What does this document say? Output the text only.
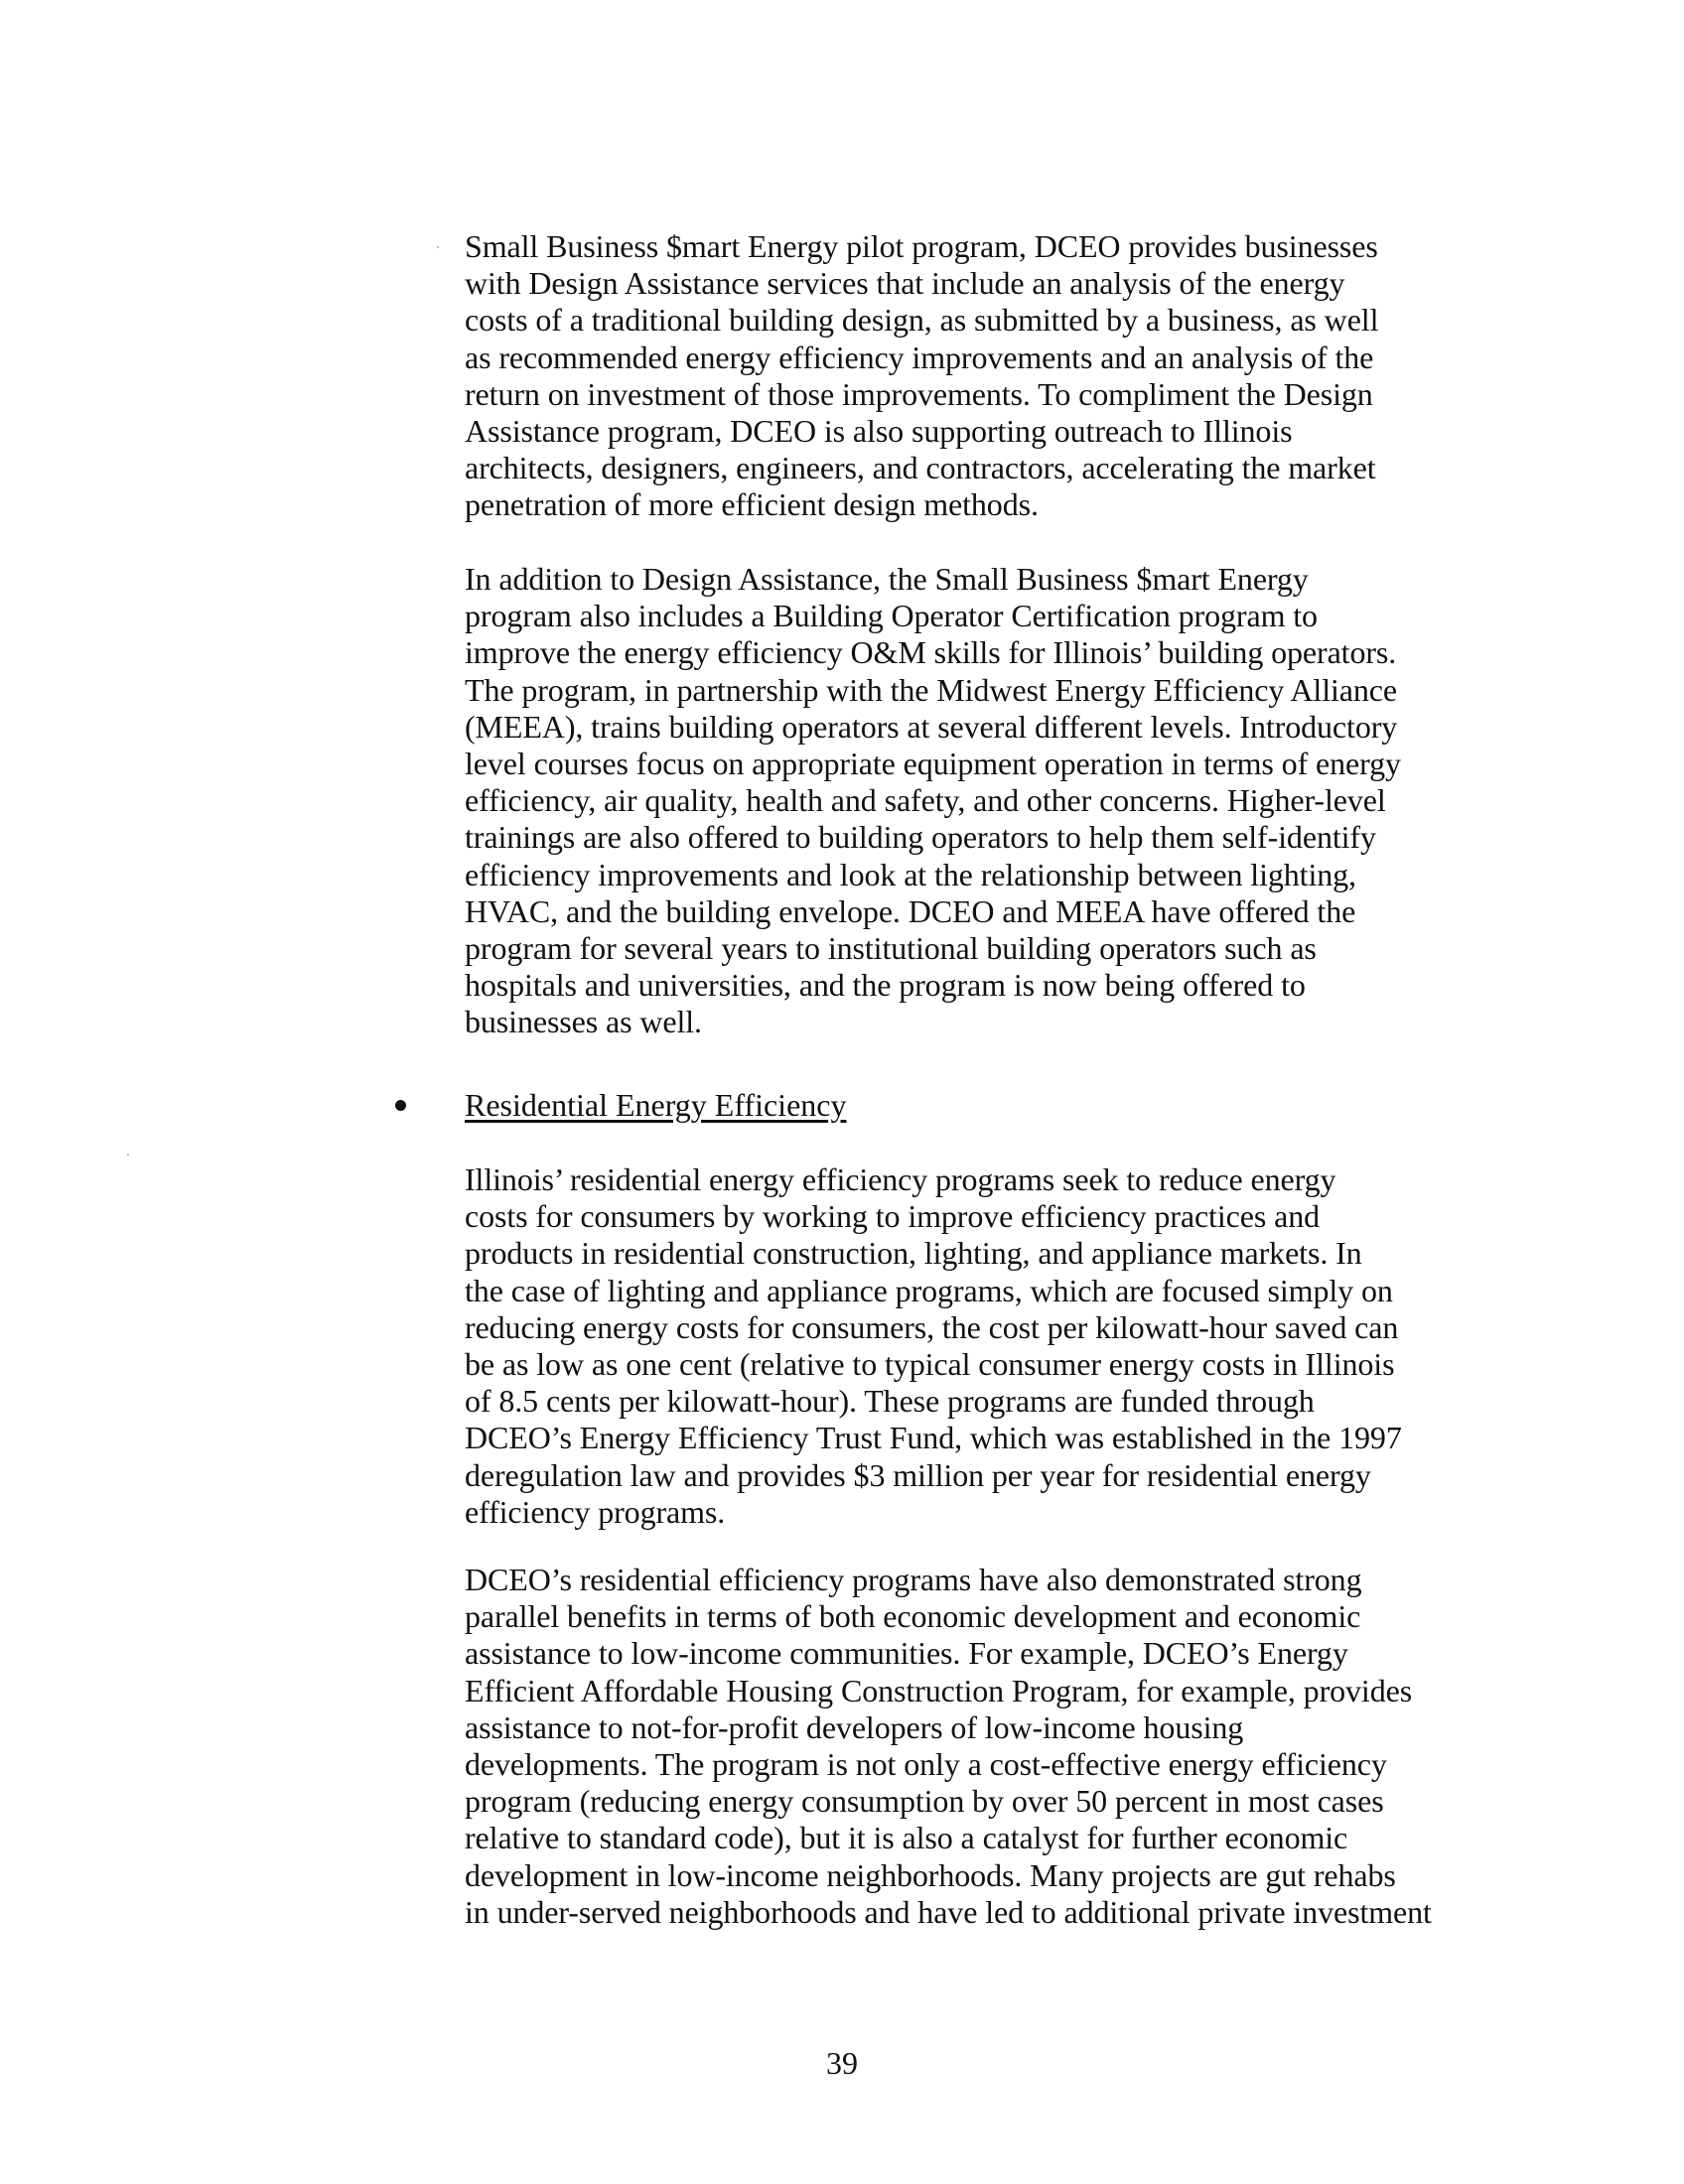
Small Business $mart Energy pilot program, DCEO provides businesses
with Design Assistance services that include an analysis of the energy
costs of a traditional building design, as submitted by a business, as well
as recommended energy efficiency improvements and an analysis of the
return on investment of those improvements. To compliment the Design
Assistance program, DCEO is also supporting outreach to Illinois
architects, designers, engineers, and contractors, accelerating the market
penetration of more efficient design methods.

In addition to Design Assistance, the Small Business $mart Energy
program also includes a Building Operator Certification program to
improve the energy efficiency O&M skills for Illinois’ building operators.
The program, in partnership with the Midwest Energy Efficiency Alliance
(MEEA), trains building operators at several different levels. Introductory
level courses focus on appropriate equipment operation in terms of energy
efficiency, air quality, health and safety, and other concerns. Higher-level
trainings are also offered to building operators to help them self-identify
efficiency improvements and look at the relationship between lighting,
HVAC, and the building envelope. DCEO and MEEA have offered the
program for several years to institutional building operators such as
hospitals and universities, and the program is now being offered to
businesses as well.

Residential Energy Efficiency

Illinois’ residential energy efficiency programs seek to reduce energy
costs for consumers by working to improve efficiency practices and
products in residential construction, lighting, and appliance markets. In
the case of lighting and appliance programs, which are focused simply on
reducing energy costs for consumers, the cost per kilowatt-hour saved can
be as low as one cent (relative to typical consumer energy costs in Illinois
of 8.5 cents per kilowatt-hour). These programs are funded through
DCEO’s Energy Efficiency Trust Fund, which was established in the 1997
deregulation law and provides $3 million per year for residential energy
efficiency programs.

DCEO’s residential efficiency programs have also demonstrated strong
parallel benefits in terms of both economic development and economic
assistance to low-income communities. For example, DCEO’s Energy
Efficient Affordable Housing Construction Program, for example, provides
assistance to not-for-profit developers of low-income housing
developments. The program is not only a cost-effective energy efficiency
program (reducing energy consumption by over 50 percent in most cases
relative to standard code), but it is also a catalyst for further economic
development in low-income neighborhoods. Many projects are gut rehabs
in under-served neighborhoods and have led to additional private investment

39
